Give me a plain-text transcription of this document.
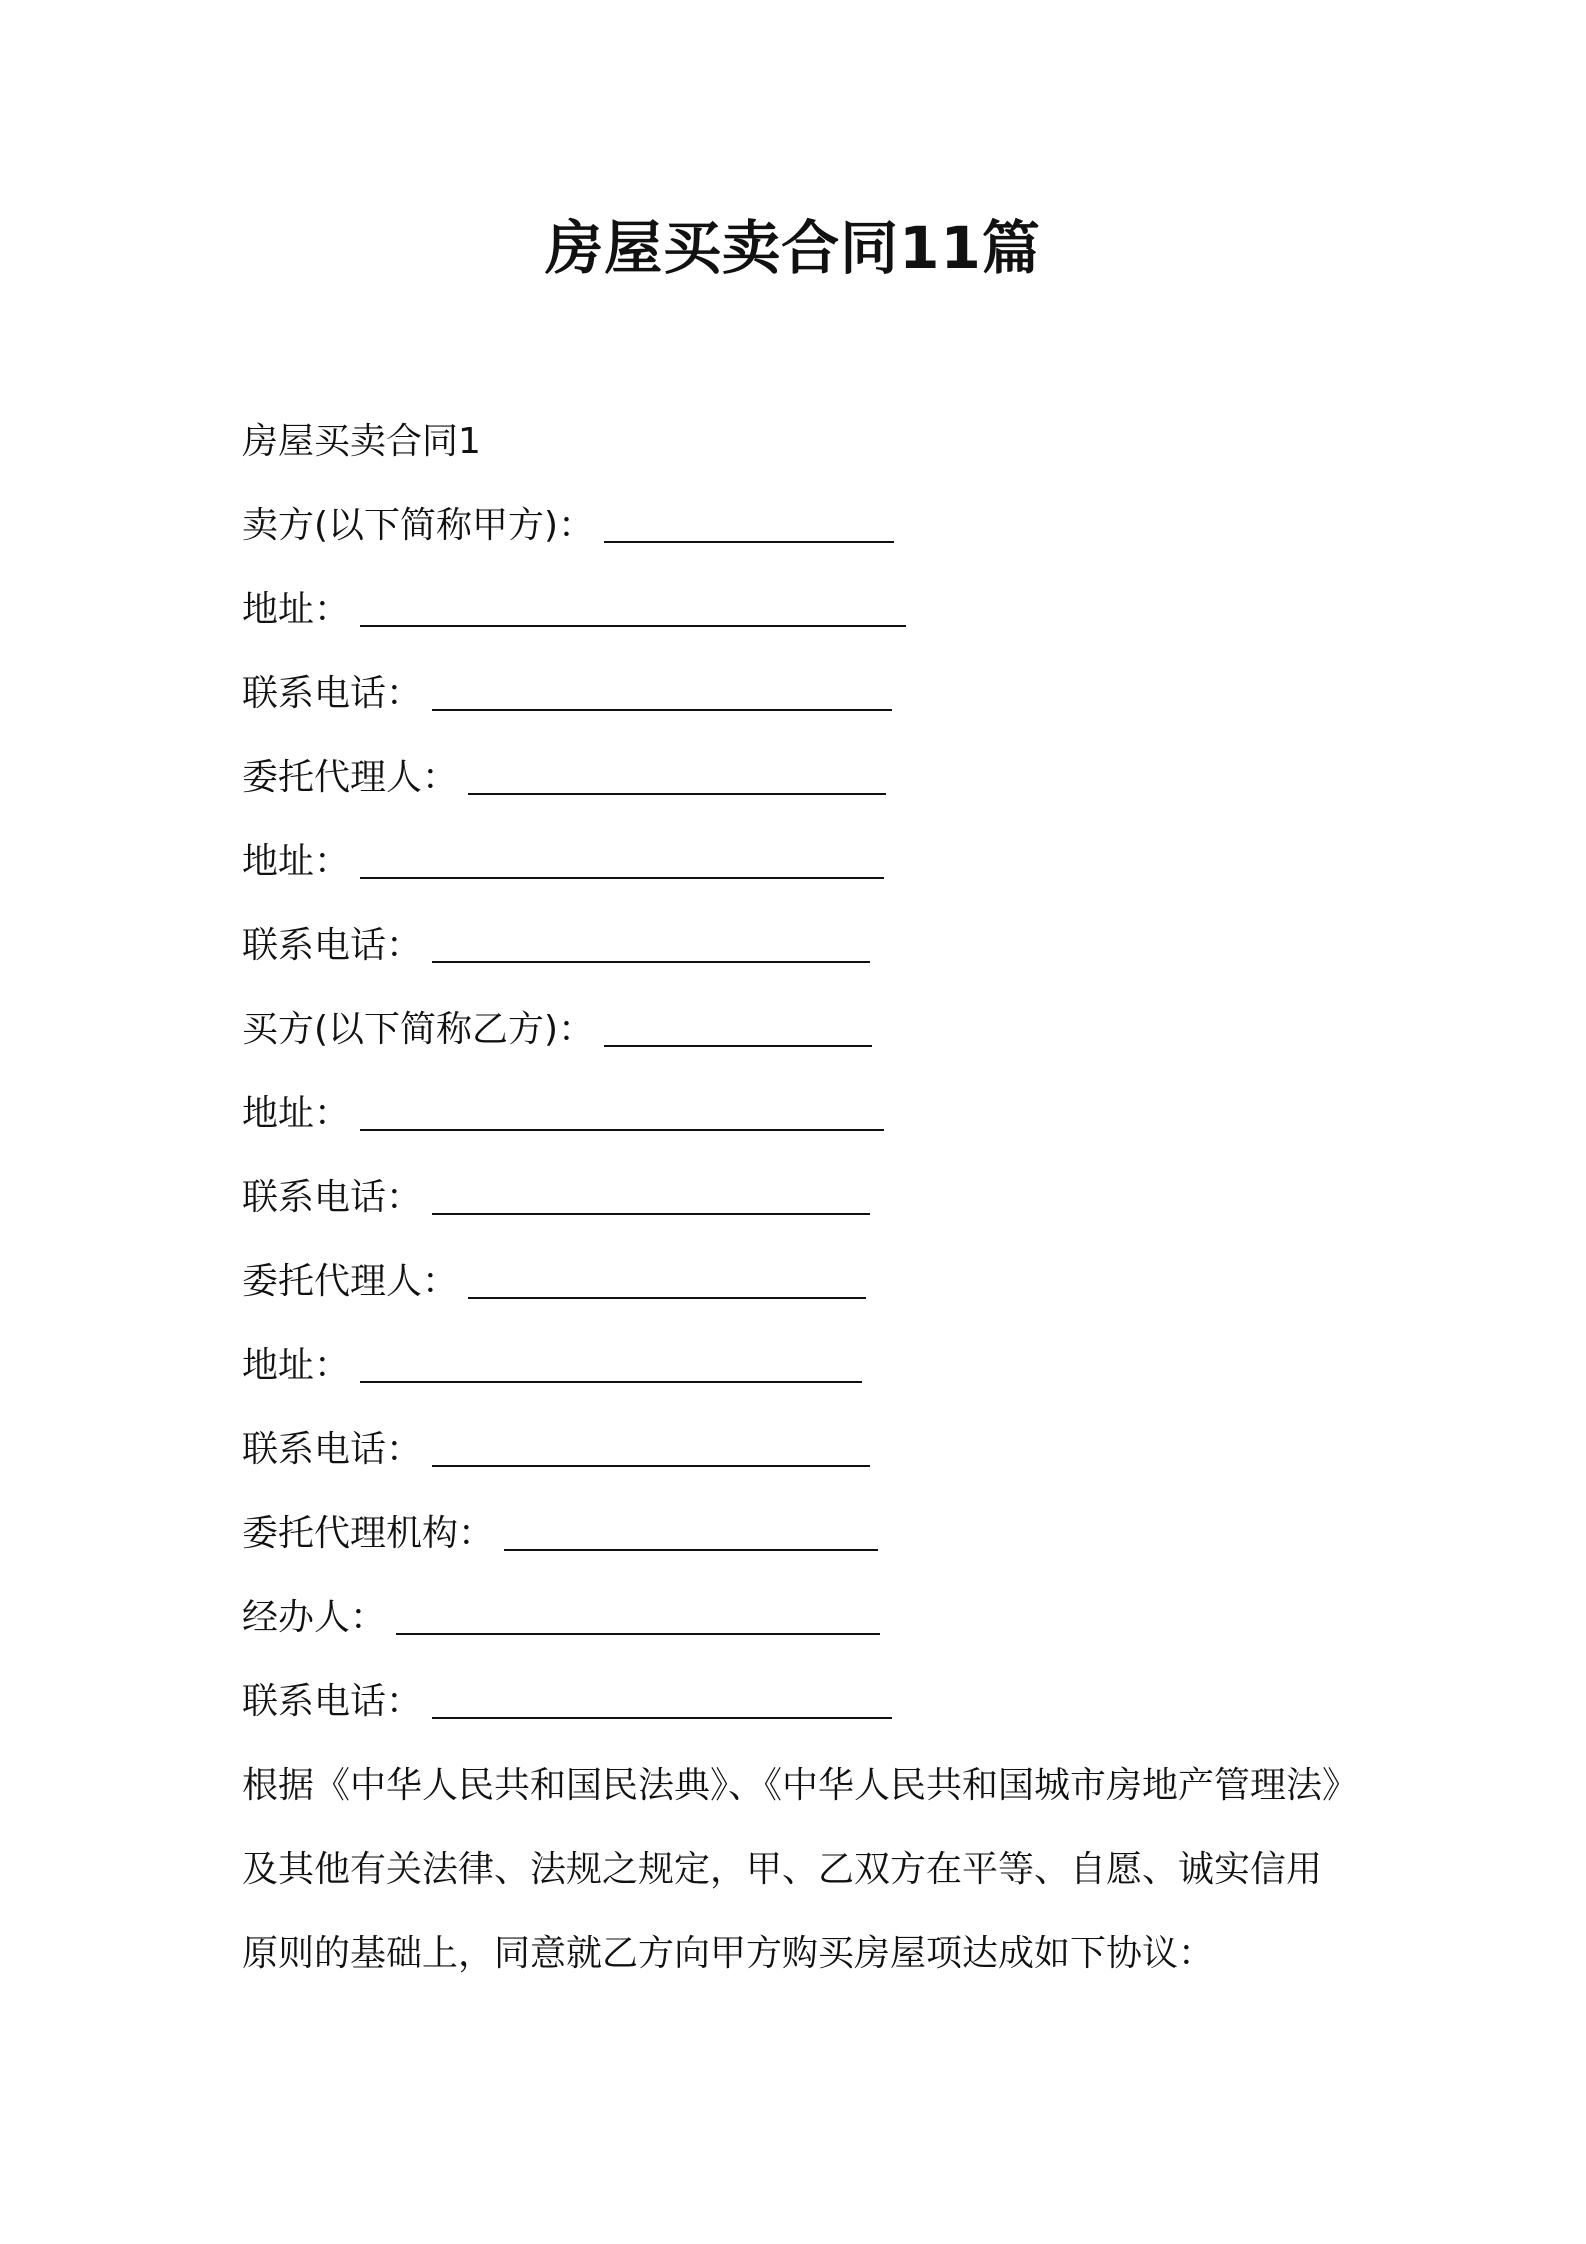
房屋买卖合同11篇
房屋买卖合同1
卖方(以下简称甲方)：
地址：
联系电话：
委托代理人：
地址：
联系电话：
买方(以下简称乙方)：
地址：
联系电话：
委托代理人：
地址：
联系电话：
委托代理机构：
经办人：
联系电话：

根据《中华人民共和国民法典》、《中华人民共和国城市房地产管理法》
及其他有关法律、法规之规定，甲、乙双方在平等、自愿、诚实信用
原则的基础上，同意就乙方向甲方购买房屋项达成如下协议：
